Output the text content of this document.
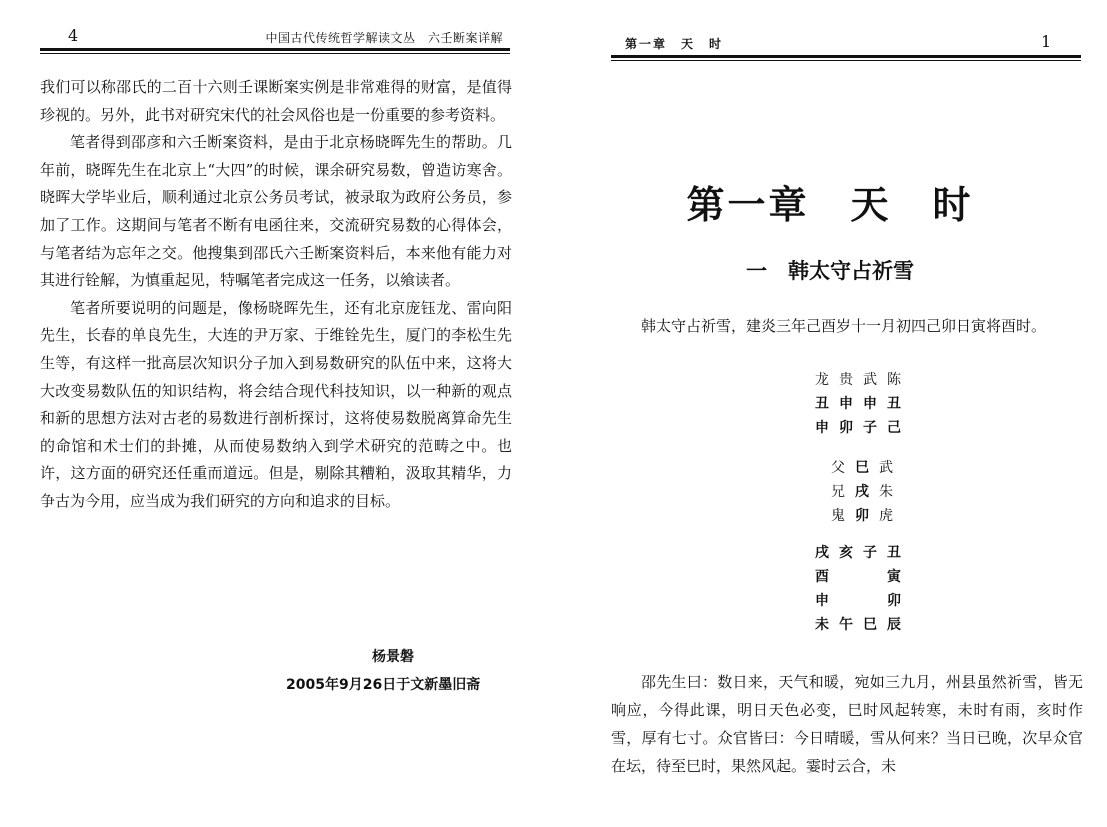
4	中国古代传统哲学解读文丛　六壬断案详解

我们可以称邵氏的二百十六则壬课断案实例是非常难得的财富，是值得珍视的。另外，此书对研究宋代的社会风俗也是一份重要的参考资料。

笔者得到邵彦和六壬断案资料，是由于北京杨晓晖先生的帮助。几年前，晓晖先生在北京上“大四”的时候，课余研究易数，曾造访寒舍。晓晖大学毕业后，顺利通过北京公务员考试，被录取为政府公务员，参加了工作。这期间与笔者不断有电函往来，交流研究易数的心得体会，与笔者结为忘年之交。他搜集到邵氏六壬断案资料后，本来他有能力对其进行铨解，为慎重起见，特嘱笔者完成这一任务，以飨读者。

笔者所要说明的问题是，像杨晓晖先生，还有北京庞钰龙、雷向阳先生，长春的单良先生，大连的尹万家、于维铨先生，厦门的李松生先生等，有这样一批高层次知识分子加入到易数研究的队伍中来，这将大大改变易数队伍的知识结构，将会结合现代科技知识，以一种新的观点和新的思想方法对古老的易数进行剖析探讨，这将使易数脱离算命先生的命馆和术士们的卦摊，从而使易数纳入到学术研究的范畴之中。也许，这方面的研究还任重而道远。但是，剔除其糟粕，汲取其精华，力争古为今用，应当成为我们研究的方向和追求的目标。

杨景磐
2005年9月26日于文新墨旧斋
第一章　天　时	1
第一章　天　时
一　韩太守占祈雪

韩太守占祈雪，建炎三年己酉岁十一月初四己卯日寅将酉时。

龙 贵 武 陈
丑 申 申 丑
申 卯 子 己
父 巳 武
兄 戌 朱
鬼 卯 虎
戌 亥 子 丑
酉	寅
申	卯
未 午 巳 辰

邵先生曰：数日来，天气和暖，宛如三九月，州县虽然祈雪，皆无响应，今得此课，明日天色必变，巳时风起转寒，未时有雨，亥时作雪，厚有七寸。众官皆曰：今日晴暖，雪从何来？当日已晚，次早众官在坛，待至巳时，果然风起。霎时云合，未
